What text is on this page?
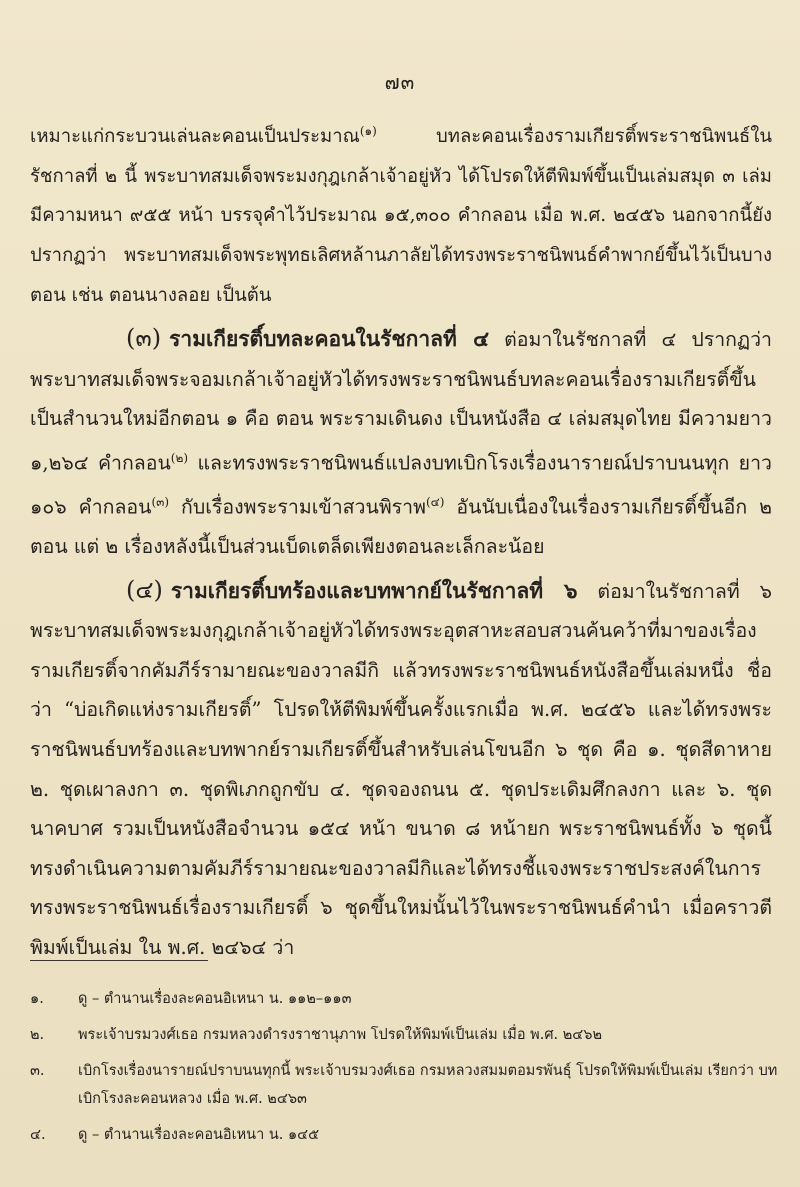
๗๓

เหมาะแก่กระบวนเล่นละคอนเป็นประมาณ$^{(๑)}$ บทละคอนเรื่องรามเกียรติ์พระราชนิพนธ์ในรัชกาลที่ ๒ นี้ พระบาทสมเด็จพระมงกุฎเกล้าเจ้าอยู่หัว ได้โปรดให้ตีพิมพ์ขึ้นเป็นเล่มสมุด ๓ เล่ม มีความหนา ๙๕๕ หน้า บรรจุคำไว้ประมาณ ๑๕,๓๐๐ คำกลอน เมื่อ พ.ศ. ๒๔๕๖ นอกจากนี้ยังปรากฏว่า พระบาทสมเด็จพระพุทธเลิศหล้านภาลัยได้ทรงพระราชนิพนธ์คำพากย์ขึ้นไว้เป็นบางตอน เช่น ตอนนางลอย เป็นต้น

(๓) รามเกียรติ์บทละคอนในรัชกาลที่ ๔ ต่อมาในรัชกาลที่ ๔ ปรากฏว่า พระบาทสมเด็จพระจอมเกล้าเจ้าอยู่หัวได้ทรงพระราชนิพนธ์บทละคอนเรื่องรามเกียรติ์ขึ้นเป็นสำนวนใหม่อีกตอน ๑ คือ ตอน พระรามเดินดง เป็นหนังสือ ๔ เล่มสมุดไทย มีความยาว ๑,๒๖๔ คำกลอน$^{(๒)}$ และทรงพระราชนิพนธ์แปลงบทเบิกโรงเรื่องนารายณ์ปราบนนทุก ยาว ๑๐๖ คำกลอน$^{(๓)}$ กับเรื่องพระรามเข้าสวนพิราพ$^{(๔)}$ อันนับเนื่องในเรื่องรามเกียรติ์ขึ้นอีก ๒ ตอน แต่ ๒ เรื่องหลังนี้เป็นส่วนเบ็ดเตล็ดเพียงตอนละเล็กละน้อย

(๔) รามเกียรติ์บทร้องและบทพากย์ในรัชกาลที่ ๖ ต่อมาในรัชกาลที่ ๖ พระบาทสมเด็จพระมงกุฎเกล้าเจ้าอยู่หัวได้ทรงพระอุตสาหะสอบสวนค้นคว้าที่มาของเรื่องรามเกียรติ์จากคัมภีร์รามายณะของวาลมีกิ แล้วทรงพระราชนิพนธ์หนังสือขึ้นเล่มหนึ่ง ชื่อว่า “บ่อเกิดแห่งรามเกียรติ์” โปรดให้ตีพิมพ์ขึ้นครั้งแรกเมื่อ พ.ศ. ๒๔๕๖ และได้ทรงพระราชนิพนธ์บทร้องและบทพากย์รามเกียรติ์ขึ้นสำหรับเล่นโขนอีก ๖ ชุด คือ ๑. ชุดสีดาหาย ๒. ชุดเผาลงกา ๓. ชุดพิเภกถูกขับ ๔. ชุดจองถนน ๕. ชุดประเดิมศึกลงกา และ ๖. ชุดนาคบาศ รวมเป็นหนังสือจำนวน ๑๕๔ หน้า ขนาด ๘ หน้ายก พระราชนิพนธ์ทั้ง ๖ ชุดนี้ ทรงดำเนินความตามคัมภีร์รามายณะของวาลมีกิและได้ทรงชี้แจงพระราชประสงค์ในการทรงพระราชนิพนธ์เรื่องรามเกียรติ์ ๖ ชุดขึ้นใหม่นั้นไว้ในพระราชนิพนธ์คำนำ เมื่อคราวตีพิมพ์เป็นเล่ม ใน พ.ศ. ๒๔๖๔ ว่า

๑.	ดู – ตำนานเรื่องละคอนอิเหนา น. ๑๑๒–๑๑๓
๒.	พระเจ้าบรมวงศ์เธอ กรมหลวงดำรงราชานุภาพ โปรดให้พิมพ์เป็นเล่ม เมื่อ พ.ศ. ๒๔๖๒
๓.	เบิกโรงเรื่องนารายณ์ปราบนนทุกนี้ พระเจ้าบรมวงศ์เธอ กรมหลวงสมมตอมรพันธุ์ โปรดให้พิมพ์เป็นเล่ม เรียกว่า บทเบิกโรงละคอนหลวง เมื่อ พ.ศ. ๒๔๖๓
๔.	ดู – ตำนานเรื่องละคอนอิเหนา น. ๑๔๕
